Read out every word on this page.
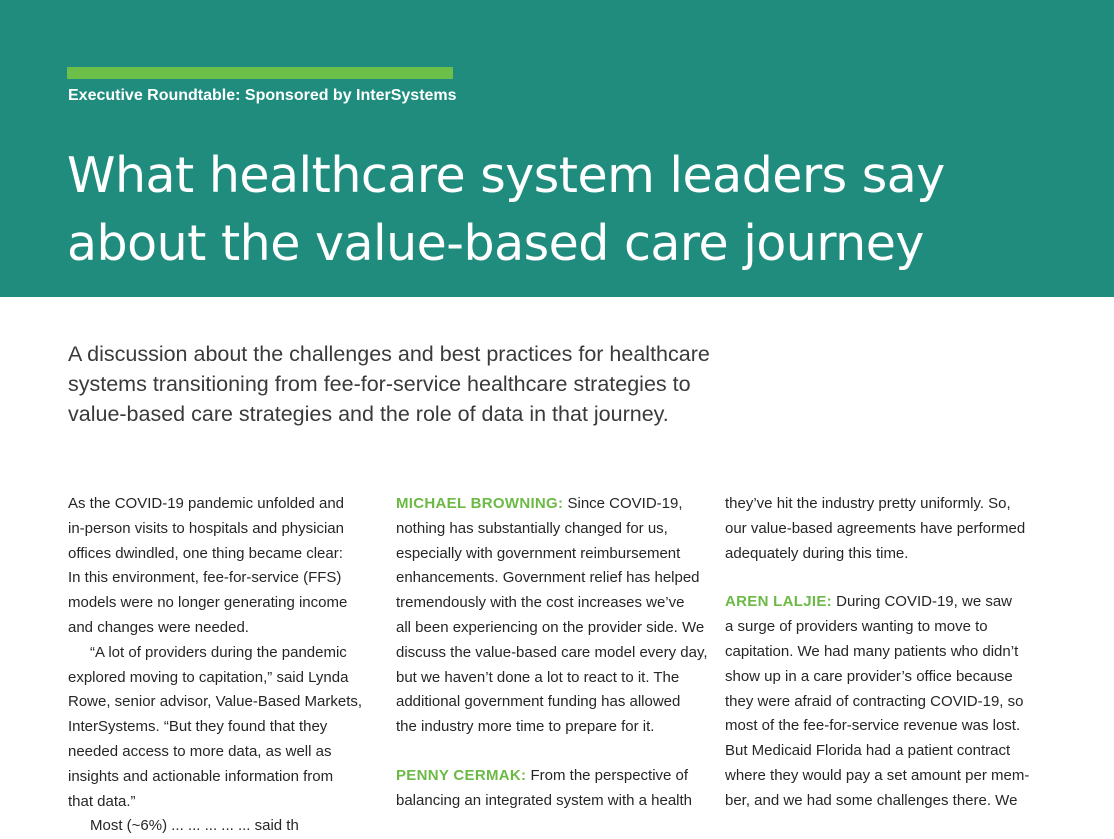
Executive Roundtable: Sponsored by InterSystems
What healthcare system leaders say
about the value-based care journey

A discussion about the challenges and best practices for healthcare
systems transitioning from fee-for-service healthcare strategies to
value-based care strategies and the role of data in that journey.

As the COVID-19 pandemic unfolded and
in-person visits to hospitals and physician
offices dwindled, one thing became clear:
In this environment, fee-for-service (FFS)
models were no longer generating income
and changes were needed.

“A lot of providers during the pandemic
explored moving to capitation,” said Lynda
Rowe, senior advisor, Value-Based Markets,
InterSystems. “But they found that they
needed access to more data, as well as
insights and actionable information from
that data.”

Most (~6%) ... ... ... ... ... said th

MICHAEL BROWNING: Since COVID-19,
nothing has substantially changed for us,
especially with government reimbursement
enhancements. Government relief has helped
tremendously with the cost increases we’ve
all been experiencing on the provider side. We
discuss the value-based care model every day,
but we haven’t done a lot to react to it. The
additional government funding has allowed
the industry more time to prepare for it.

PENNY CERMAK: From the perspective of
balancing an integrated system with a health

they’ve hit the industry pretty uniformly. So,
our value-based agreements have performed
adequately during this time.

AREN LALJIE: During COVID-19, we saw
a surge of providers wanting to move to
capitation. We had many patients who didn’t
show up in a care provider’s office because
they were afraid of contracting COVID-19, so
most of the fee-for-service revenue was lost.
But Medicaid Florida had a patient contract
where they would pay a set amount per mem-
ber, and we had some challenges there. We
